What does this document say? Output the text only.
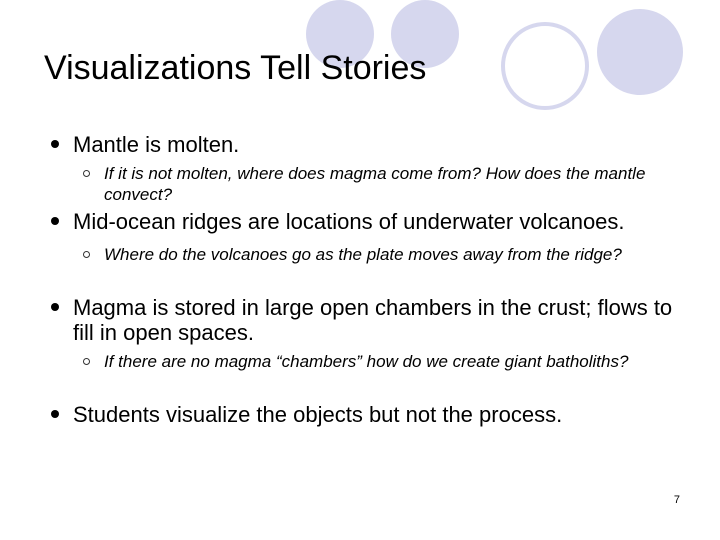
Visualizations Tell Stories
Mantle is molten.
If it is not molten, where does magma come from? How does the mantle convect?
Mid-ocean ridges are locations of underwater volcanoes.
Where do the volcanoes go as the plate moves away from the ridge?
Magma is stored in large open chambers in the crust; flows to fill in open spaces.
If there are no magma “chambers” how do we create giant batholiths?
Students visualize the objects but not the process.
7
